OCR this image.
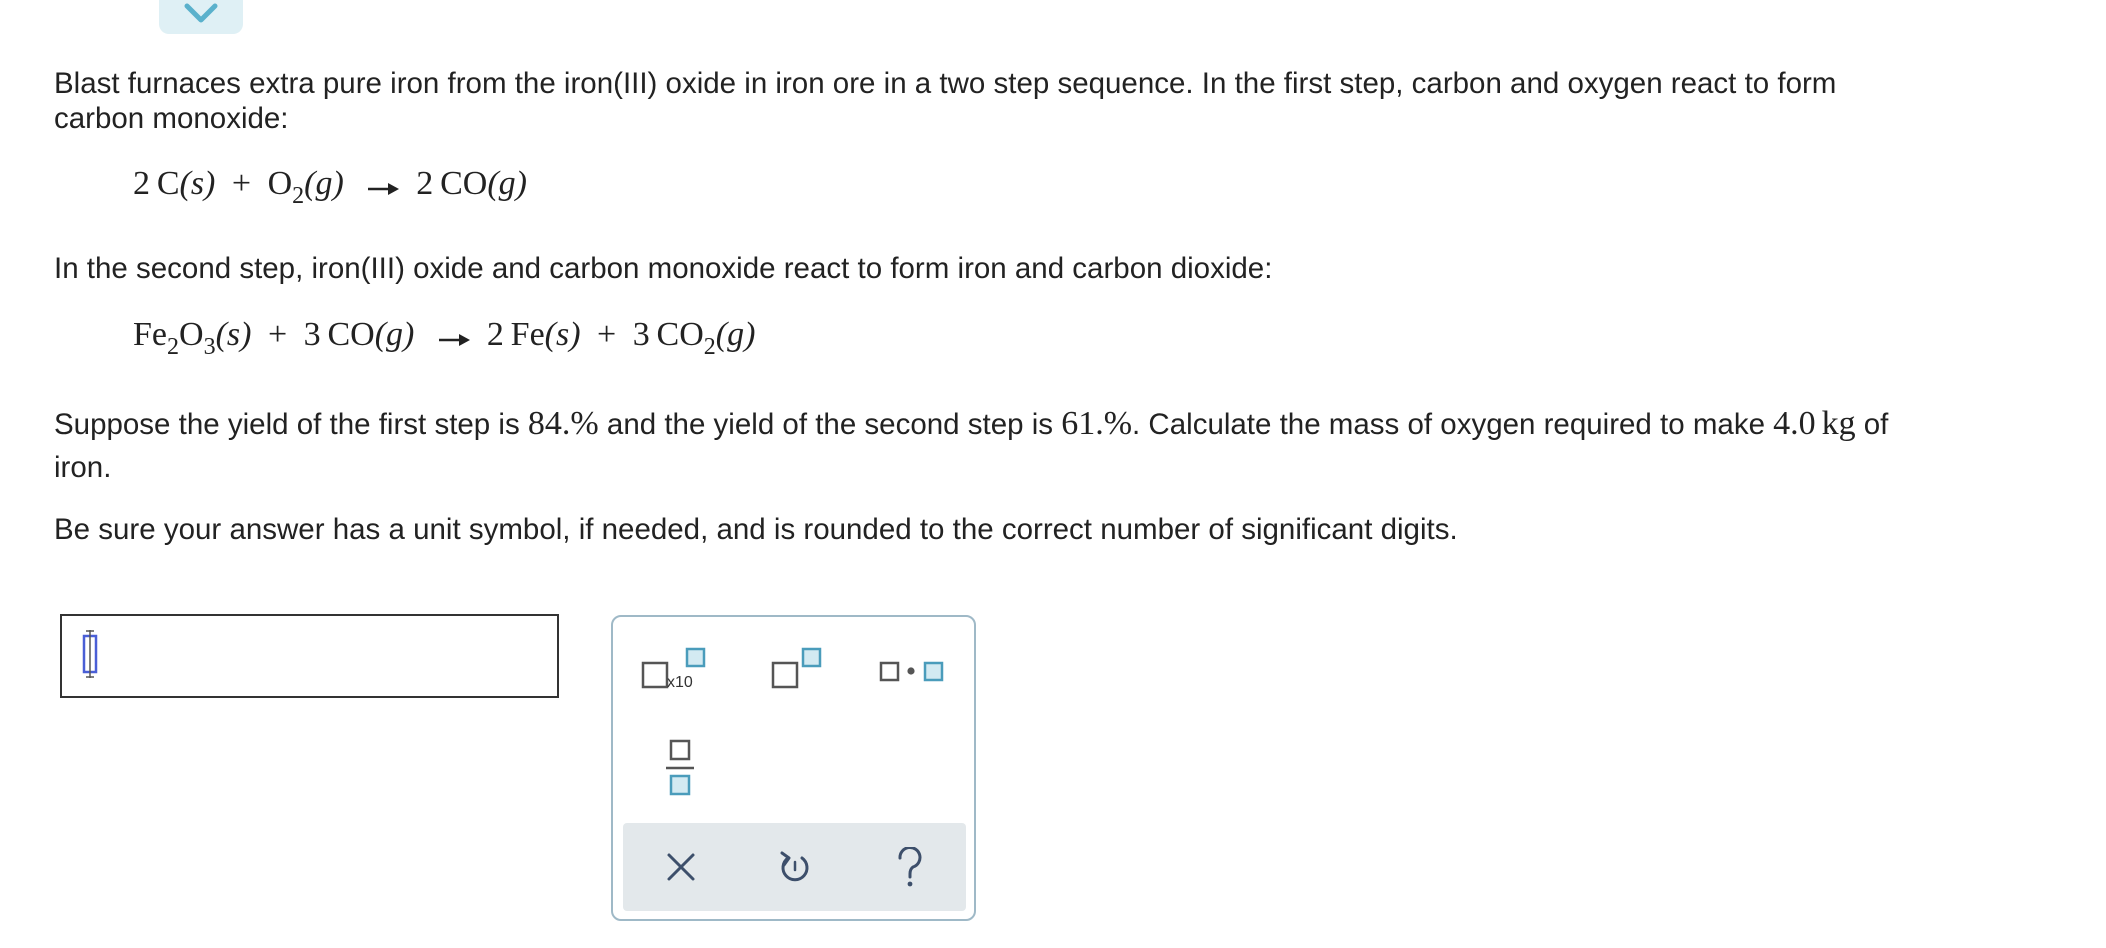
Blast furnaces extra pure iron from the iron(III) oxide in iron ore in a two step sequence. In the first step, carbon and oxygen react to form
carbon monoxide:
2  $C(s) + O_2(g) \to 2$  CO(g)
In the second step, iron(III) oxide and carbon monoxide react to form iron and carbon dioxide:
$Fe_2O_3(s) + 3$  CO(g) → 2  Fe(s) + 3  $CO_2(g)$
Suppose the yield of the first step is 84.% and the yield of the second step is 61.%. Calculate the mass of oxygen required to make 4.0  kg of
iron.
Be sure your answer has a unit symbol, if needed, and is rounded to the correct number of significant digits.
x10
